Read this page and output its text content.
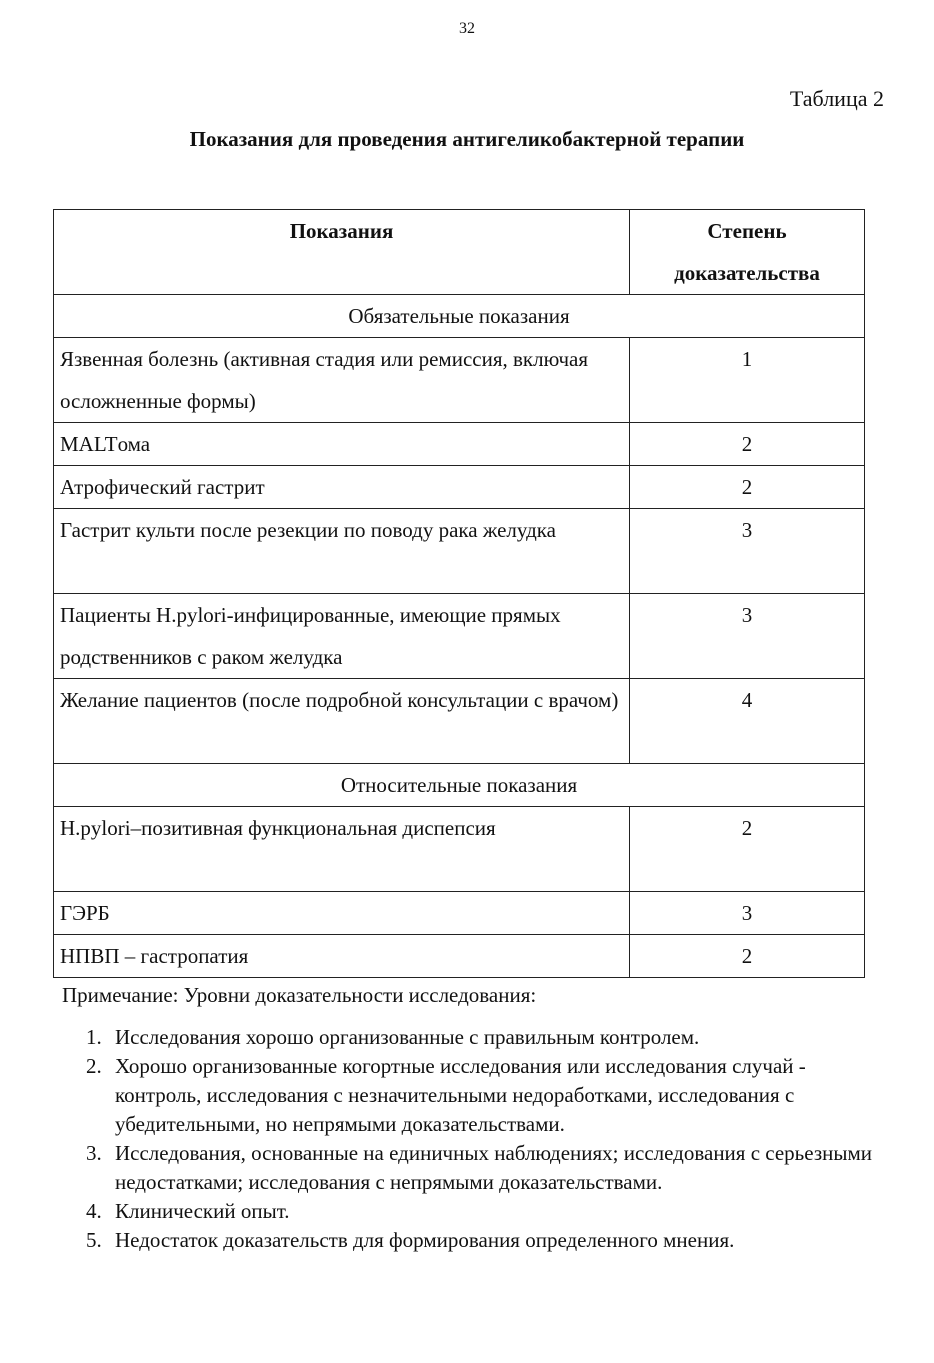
32
Таблица 2
Показания для проведения антигеликобактерной терапии
Показания	Степень
доказательства

Обязательные показания	
Язвенная болезнь (активная стадия или ремиссия, включая осложненные формы)	1
MALTома	2
Атрофический гастрит	2
Гастрит культи после резекции по поводу рака желудка	3
Пациенты H.pylori-инфицированные, имеющие прямых родственников с раком желудка	3
Желание пациентов (после подробной консультации с врачом)	4
Относительные показания	
H.pylori–позитивная функциональная диспепсия	2
ГЭРБ	3
НПВП – гастропатия	2
Примечание: Уровни доказательности исследования:
1. Исследования хорошо организованные с правильным контролем.
2. Хорошо организованные когортные исследования или исследования случай - контроль, исследования с незначительными недоработками, исследования с убедительными, но непрямыми доказательствами.
3. Исследования, основанные на единичных наблюдениях; исследования с серьезными недостатками; исследования с непрямыми доказательствами.
4. Клинический опыт.
5. Недостаток доказательств для формирования определенного мнения.
